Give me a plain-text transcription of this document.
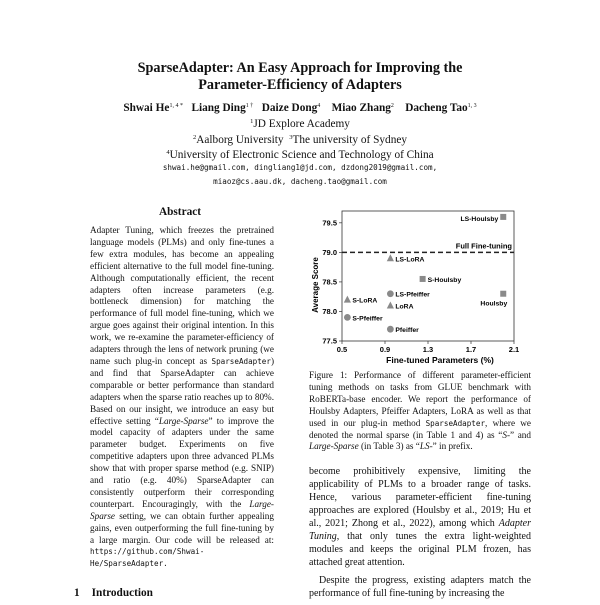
SparseAdapter: An Easy Approach for Improving the
Parameter-Efficiency of Adapters
Shwai $He^{1, 4 *}$ Liang Ding$^{1 \dagger}$ Daize Dong$^4$ Miao Zhang$^2$ Dacheng Tao$^{1, 3}$
$^1$JD Explore Academy
$^2$Aalborg University $^3$The university of Sydney
$^4$University of Electronic Science and Technology of China
shwai.he@gmail.com, dingliang1@jd.com, dzdong2019@gmail.com,
miaoz@cs.aau.dk, dacheng.tao@gmail.com
Abstract
Adapter Tuning, which freezes the pretrained language models (PLMs) and only fine-tunes a few extra modules, has become an appealing efficient alternative to the full model fine-tuning. Although computationally efficient, the recent adapters often increase parameters (e.g. bottleneck dimension) for matching the performance of full model fine-tuning, which we argue goes against their original intention. In this work, we re-examine the parameter-efficiency of adapters through the lens of network pruning (we name such plug-in concept as SparseAdapter) and find that SparseAdapter can achieve comparable or better performance than standard adapters when the sparse ratio reaches up to 80%. Based on our insight, we introduce an easy but effective setting “Large-Sparse” to improve the model capacity of adapters under the same parameter budget. Experiments on five competitive adapters upon three advanced PLMs show that with proper sparse method (e.g. SNIP) and ratio (e.g. 40%) SparseAdapter can consistently outperform their corresponding counterpart. Encouragingly, with the Large-Sparse setting, we can obtain further appealing gains, even outperforming the full fine-tuning by a large margin. Our code will be released at: https://github.com/Shwai-He/SparseAdapter.
1 Introduction
Average Score
Fine-tuned Parameters (%)
0.5	0.9	1.3	1.7	2.1
77.5
78.0
78.5
79.0
79.5
Full Fine-tuning
LS-Houlsby
LS-LoRA
S-Houlsby
Houlsby
S-LoRA
LS-Pfeiffer
LoRA
S-Pfeiffer
Pfeiffer
Figure 1: Performance of different parameter-efficient tuning methods on tasks from GLUE benchmark with RoBERTa-base encoder. We report the performance of Houlsby Adapters, Pfeiffer Adapters, LoRA as well as that used in our plug-in method SparseAdapter, where we denoted the normal sparse (in Table 1 and 4) as “S-” and Large-Sparse (in Table 3) as “LS-” in prefix.

become prohibitively expensive, limiting the applicability of PLMs to a broader range of tasks. Hence, various parameter-efficient fine-tuning approaches are explored (Houlsby et al., 2019; Hu et al., 2021; Zhong et al., 2022), among which Adapter Tuning, that only tunes the extra light-weighted modules and keeps the original PLM frozen, has attached great attention.

Despite the progress, existing adapters match the performance of full fine-tuning by increasing the
